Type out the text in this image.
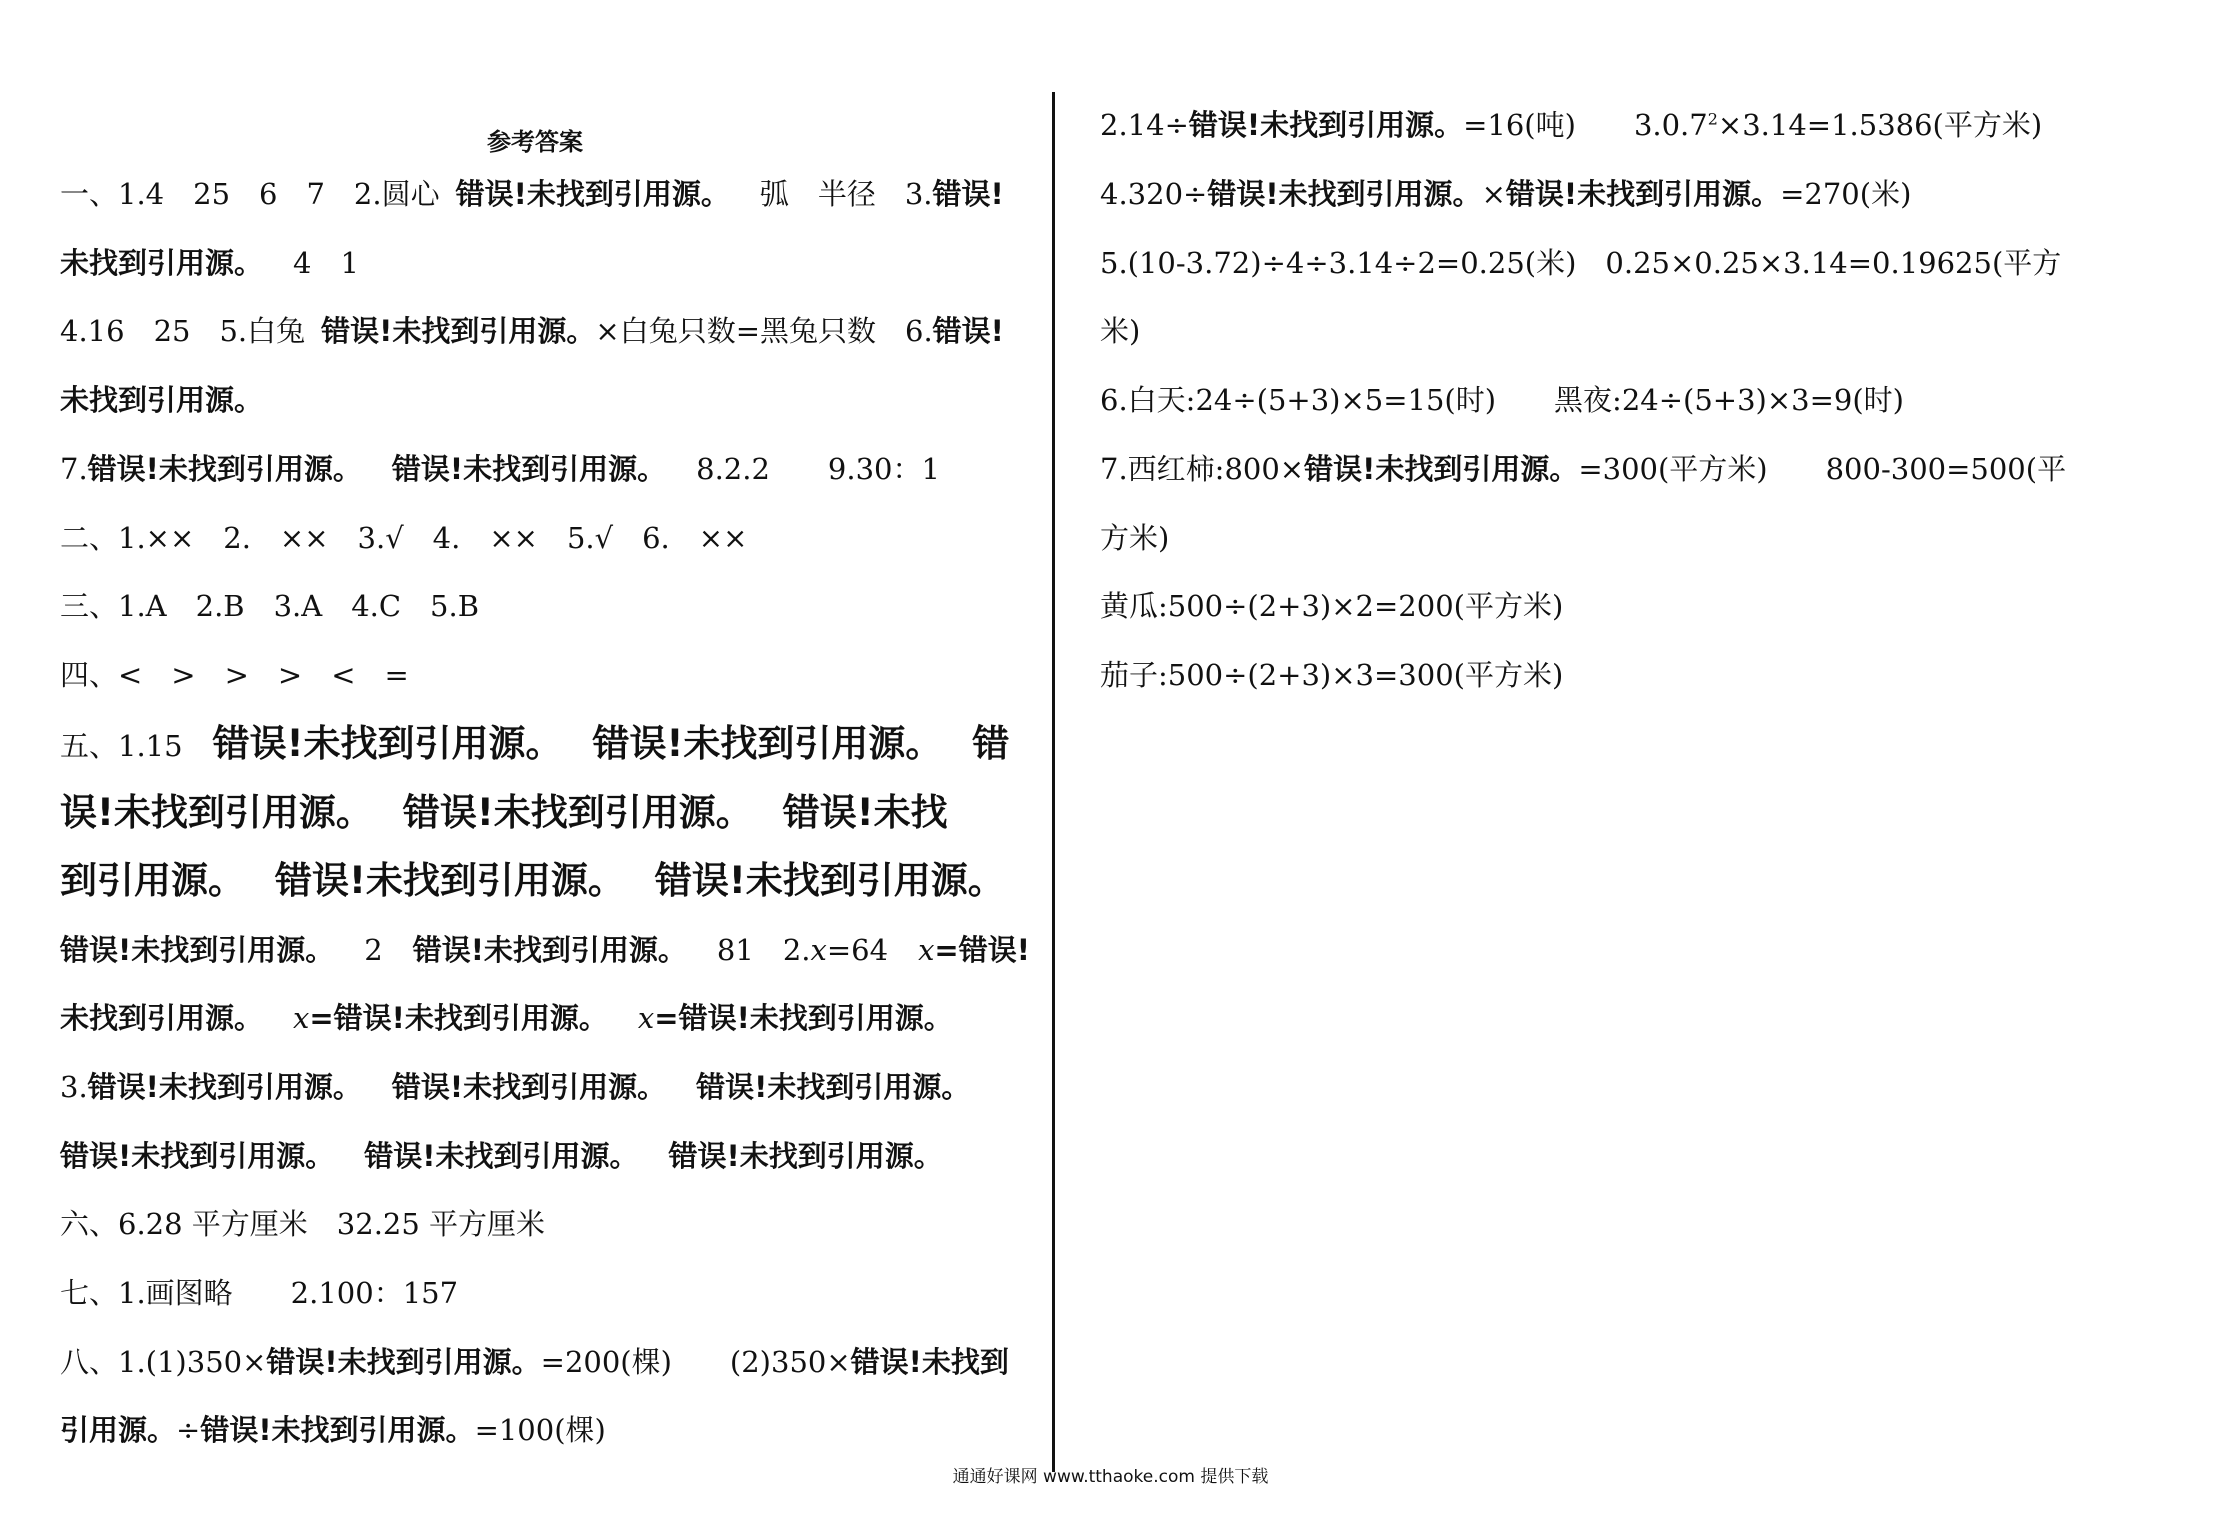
参考答案
一、1.4　25　6　7　2.圆心 错误!未找到引用源。 弧　半径　3.错误!
未找到引用源。 4　1
4.16　25　5.白兔 错误!未找到引用源。×白兔只数=黑兔只数　6.错误!
未找到引用源。
7.错误!未找到引用源。 错误!未找到引用源。 8.2.2　　9.30：1
二、1.××　2.　××　3.√　4.　××　5.√　6.　××
三、1.A　2.B　3.A　4.C　5.B
四、<　>　>　>　<　=
五、1.15 错误!未找到引用源。 错误!未找到引用源。 错
误!未找到引用源。 错误!未找到引用源。 错误!未找
到引用源。 错误!未找到引用源。 错误!未找到引用源。
错误!未找到引用源。 2 错误!未找到引用源。 81　2.x=64 x=错误!
未找到引用源。 x=错误!未找到引用源。 x=错误!未找到引用源。
3.错误!未找到引用源。 错误!未找到引用源。 错误!未找到引用源。
错误!未找到引用源。 错误!未找到引用源。 错误!未找到引用源。
六、6.28 平方厘米　32.25 平方厘米
七、1.画图略　　2.100：157
八、1.(1)350×错误!未找到引用源。=200(棵)　　(2)350×错误!未找到
引用源。÷错误!未找到引用源。=100(棵)
2.14÷错误!未找到引用源。=16(吨)　　$3.0.7^2\times 3.14=1.5386$(平方米)
4.320÷错误!未找到引用源。×错误!未找到引用源。=270(米)
5.(10-3.72)÷4÷3.14÷2=0.25(米)　0.25×0.25×3.14=0.19625(平方
米)
6.白天:24÷(5+3)×5=15(时)　　黑夜:24÷(5+3)×3=9(时)
7.西红柿:800×错误!未找到引用源。=300(平方米)　　800-300=500(平
方米)
黄瓜:500÷(2+3)×2=200(平方米)
茄子:500÷(2+3)×3=300(平方米)
通通好课网 www.tthaoke.com 提供下载
